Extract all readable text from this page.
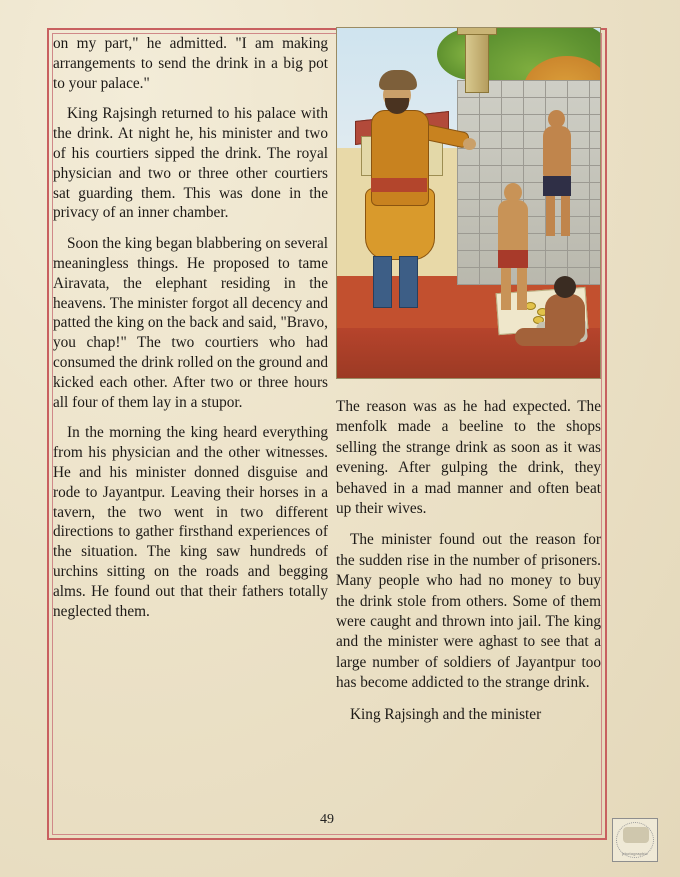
on my part," he admitted. "I am making arrangements to send the drink in a big pot to your palace."

King Rajsingh returned to his palace with the drink. At night he, his minister and two of his courtiers sipped the drink. The royal physician and two or three other courtiers sat guarding them. This was done in the privacy of an inner chamber.

Soon the king began blabbering on several meaningless things. He proposed to tame Airavata, the elephant residing in the heavens. The minister forgot all decency and patted the king on the back and said, "Bravo, you chap!" The two courtiers who had consumed the drink rolled on the ground and kicked each other. After two or three hours all four of them lay in a stupor.

In the morning the king heard everything from his physician and the other witnesses. He and his minister donned disguise and rode to Jayantpur. Leaving their horses in a tavern, the two went in two different directions to gather firsthand experiences of the situation. The king saw hundreds of urchins sitting on the roads and begging alms. He found out that their fathers totally neglected them.

The reason was as he had expected. The menfolk made a beeline to the shops selling the strange drink as soon as it was evening. After gulping the drink, they behaved in a mad manner and often beat up their wives.

The minister found out the reason for the sudden rise in the number of prisoners. Many people who had no money to buy the drink stole from others. Some of them were caught and thrown into jail. The king and the minister were aghast to see that a large number of soldiers of Jayantpur too has become addicted to the strange drink.

King Rajsingh and the minister

49
photographic
